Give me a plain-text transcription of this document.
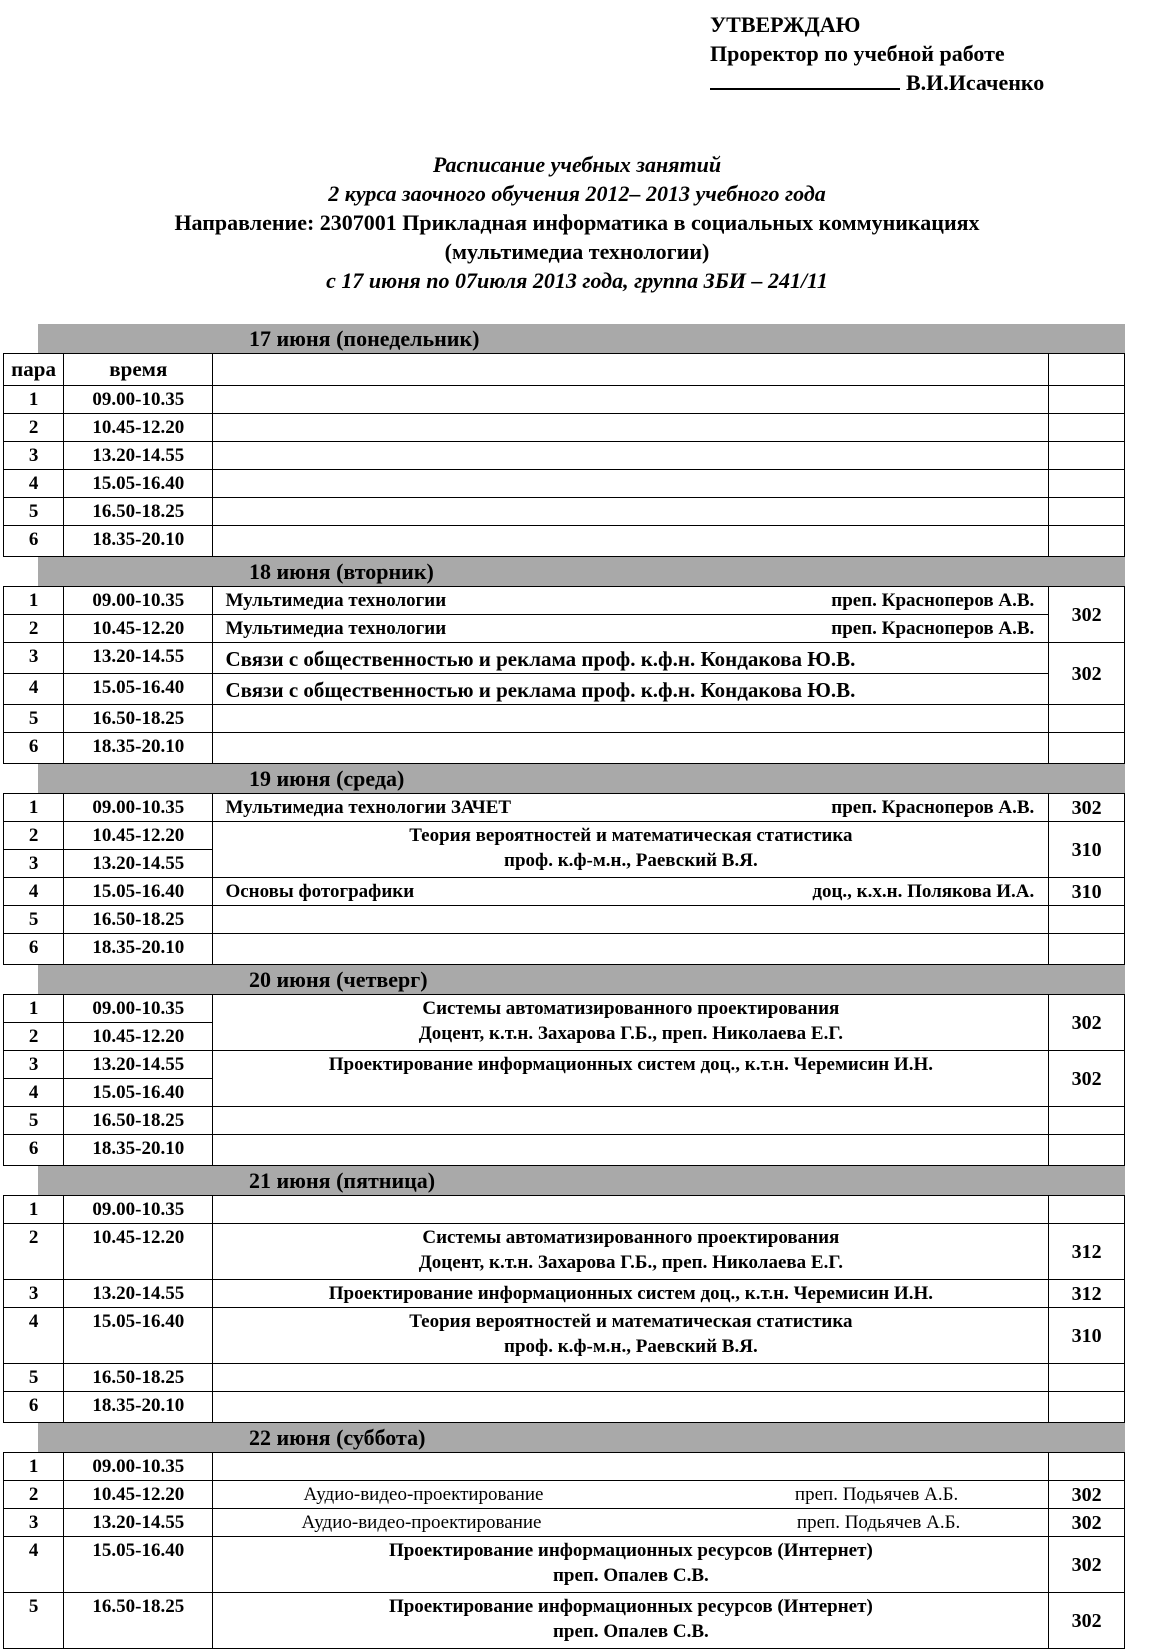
УТВЕРЖДАЮ
Проректор по учебной работе
В.И.Исаченко
Расписание учебных занятий
2 курса заочного обучения 2012– 2013 учебного года
Направление: 2307001 Прикладная информатика в социальных коммуникациях
(мультимедиа технологии)
с 17 июня по 07июля 2013 года, группа ЗБИ – 241/11
17 июня (понедельник)
пара	время		
1	09.00-10.35		
2	10.45-12.20		
3	13.20-14.55		
4	15.05-16.40		
5	16.50-18.25		
6	18.35-20.10		
18 июня (вторник)
1	09.00-10.35	Мультимедиа технологии преп. Красноперов А.В.	302
2	10.45-12.20	Мультимедиа технологии преп. Красноперов А.В.	

3	13.20-14.55	Связи с общественностью и реклама проф. к.ф.н. Кондакова Ю.В.	302
4	15.05-16.40	Связи с общественностью и реклама проф. к.ф.н. Кондакова Ю.В.	

5	16.50-18.25		
6	18.35-20.10		
19 июня (среда)
1	09.00-10.35	Мультимедиа технологии ЗАЧЕТ преп. Красноперов А.В.	302
2	10.45-12.20	Теория вероятностей и математическая статистика
проф. к.ф-м.н., Раевский В.Я.	310
3	13.20-14.55		
4	15.05-16.40	Основы фотографики доц., к.х.н. Полякова И.А.	310
5	16.50-18.25		
6	18.35-20.10		
20 июня (четверг)
1	09.00-10.35	Системы автоматизированного проектирования
Доцент, к.т.н. Захарова Г.Б., преп. Николаева Е.Г.	302
2	10.45-12.20		
3	13.20-14.55	Проектирование информационных систем доц., к.т.н. Черемисин И.Н.	302
4	15.05-16.40		
5	16.50-18.25		
6	18.35-20.10		
21 июня (пятница)
1	09.00-10.35		
2	10.45-12.20	Системы автоматизированного проектирования
Доцент, к.т.н. Захарова Г.Б., преп. Николаева Е.Г.	312
3	13.20-14.55	Проектирование информационных систем доц., к.т.н. Черемисин И.Н.	312
4	15.05-16.40	Теория вероятностей и математическая статистика
проф. к.ф-м.н., Раевский В.Я.	310
5	16.50-18.25		
6	18.35-20.10		
22 июня (суббота)
1	09.00-10.35		
2	10.45-12.20	Аудио-видео-проектирование преп. Подьячев А.Б.	302
3	13.20-14.55	Аудио-видео-проектирование преп. Подьячев А.Б.	302
4	15.05-16.40	Проектирование информационных ресурсов (Интернет)
преп. Опалев С.В.	302
5	16.50-18.25	Проектирование информационных ресурсов (Интернет)
преп. Опалев С.В.	302
